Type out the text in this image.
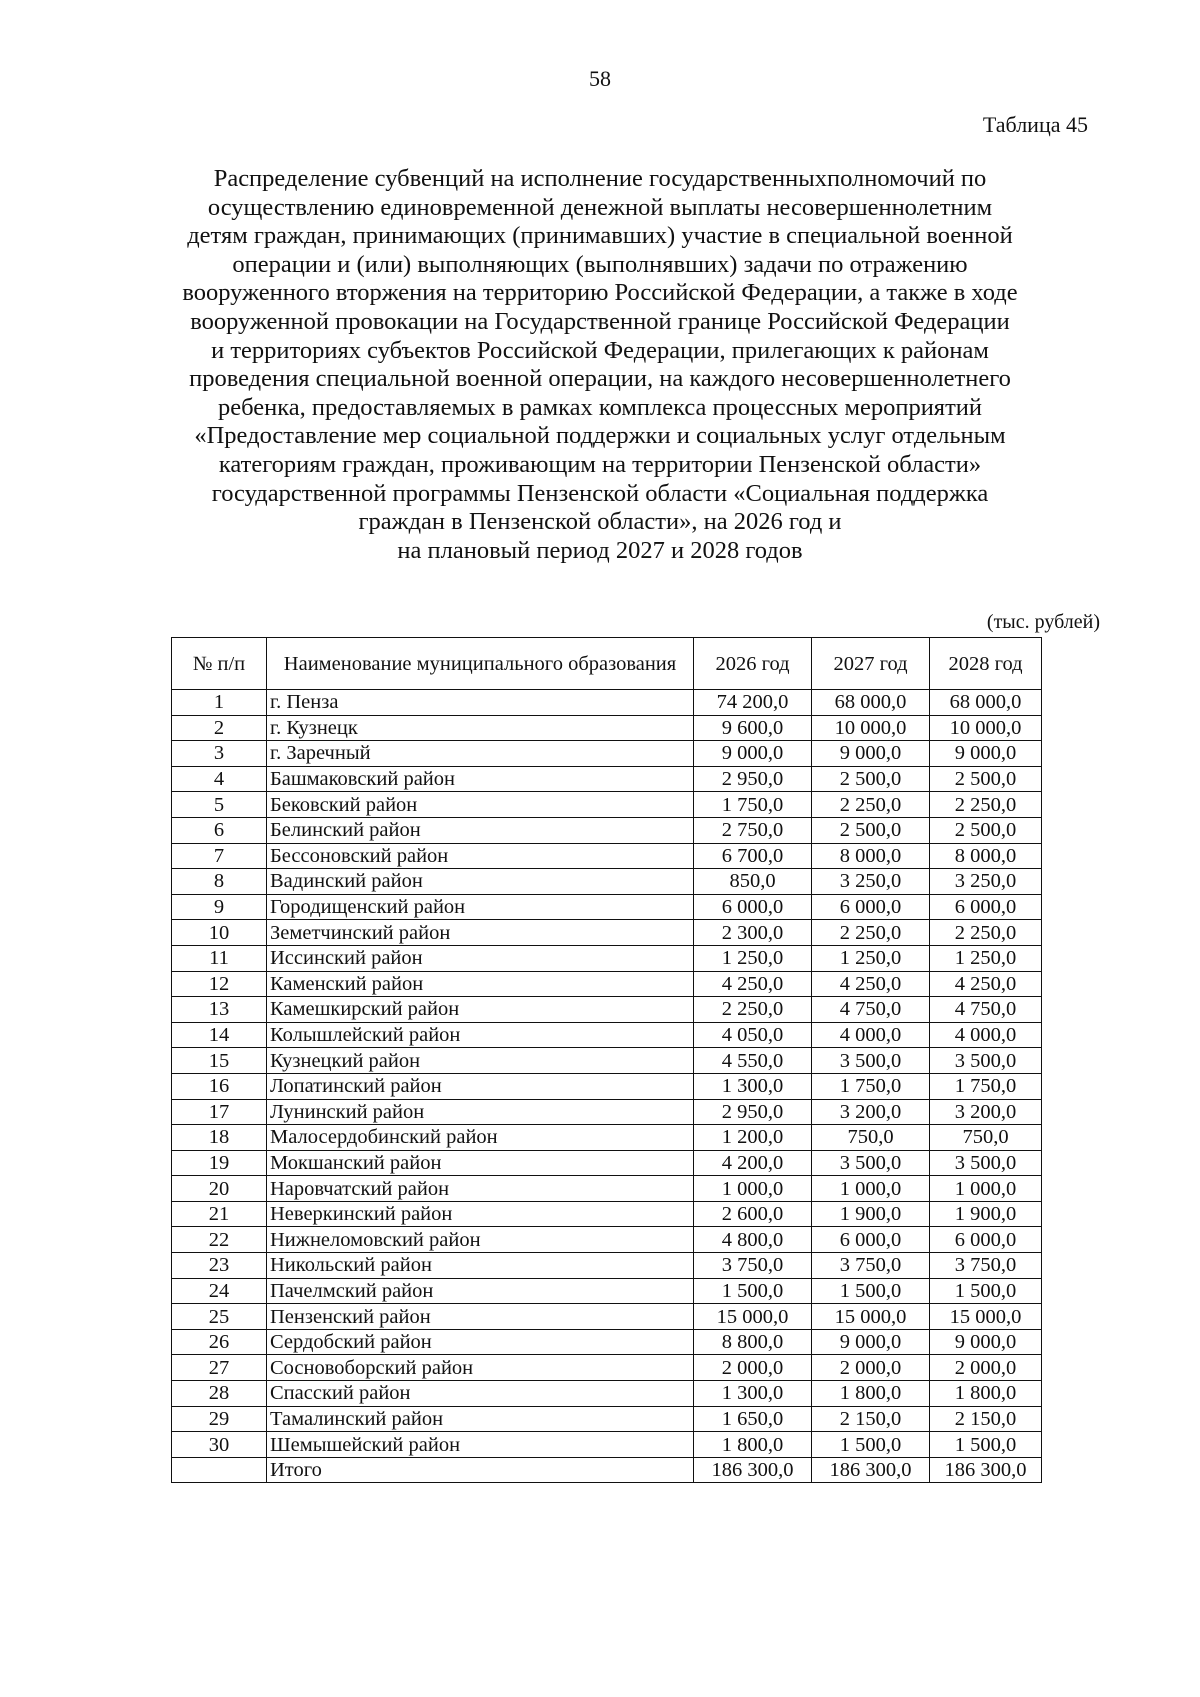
58
Таблица 45
Распределение субвенций на исполнение государственныхполномочий по
осуществлению единовременной денежной выплаты несовершеннолетним
детям граждан, принимающих (принимавших) участие в специальной военной
операции и (или) выполняющих (выполнявших) задачи по отражению
вооруженного вторжения на территорию Российской Федерации, а также в ходе
вооруженной провокации на Государственной границе Российской Федерации
и территориях субъектов Российской Федерации, прилегающих к районам
проведения специальной военной операции, на каждого несовершеннолетнего
ребенка, предоставляемых в рамках комплекса процессных мероприятий
«Предоставление мер социальной поддержки и социальных услуг отдельным
категориям граждан, проживающим на территории Пензенской области»
государственной программы Пензенской области «Социальная поддержка
граждан в Пензенской области», на 2026 год и
на плановый период 2027 и 2028 годов
(тыс. рублей)
№ п/п	Наименование муниципального образования	2026 год	2027 год	2028 год
1	г. Пенза	74 200,0	68 000,0	68 000,0
2	г. Кузнецк	9 600,0	10 000,0	10 000,0
3	г. Заречный	9 000,0	9 000,0	9 000,0
4	Башмаковский район	2 950,0	2 500,0	2 500,0
5	Бековский район	1 750,0	2 250,0	2 250,0
6	Белинский район	2 750,0	2 500,0	2 500,0
7	Бессоновский район	6 700,0	8 000,0	8 000,0
8	Вадинский район	850,0	3 250,0	3 250,0
9	Городищенский район	6 000,0	6 000,0	6 000,0
10	Земетчинский район	2 300,0	2 250,0	2 250,0
11	Иссинский район	1 250,0	1 250,0	1 250,0
12	Каменский район	4 250,0	4 250,0	4 250,0
13	Камешкирский район	2 250,0	4 750,0	4 750,0
14	Колышлейский район	4 050,0	4 000,0	4 000,0
15	Кузнецкий район	4 550,0	3 500,0	3 500,0
16	Лопатинский район	1 300,0	1 750,0	1 750,0
17	Лунинский район	2 950,0	3 200,0	3 200,0
18	Малосердобинский район	1 200,0	750,0	750,0
19	Мокшанский район	4 200,0	3 500,0	3 500,0
20	Наровчатский район	1 000,0	1 000,0	1 000,0
21	Неверкинский район	2 600,0	1 900,0	1 900,0
22	Нижнеломовский район	4 800,0	6 000,0	6 000,0
23	Никольский район	3 750,0	3 750,0	3 750,0
24	Пачелмский район	1 500,0	1 500,0	1 500,0
25	Пензенский район	15 000,0	15 000,0	15 000,0
26	Сердобский район	8 800,0	9 000,0	9 000,0
27	Сосновоборский район	2 000,0	2 000,0	2 000,0
28	Спасский район	1 300,0	1 800,0	1 800,0
29	Тамалинский район	1 650,0	2 150,0	2 150,0
30	Шемышейский район	1 800,0	1 500,0	1 500,0
	Итого	186 300,0	186 300,0	186 300,0
